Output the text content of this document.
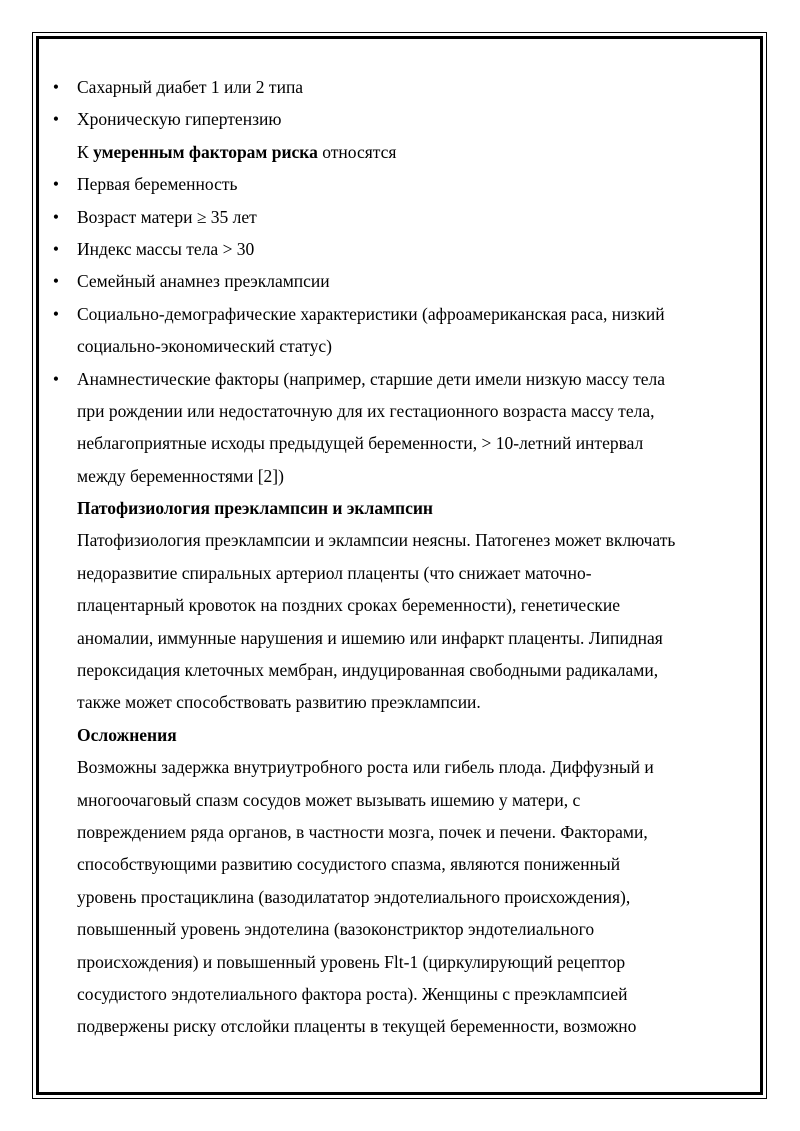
• Сахарный диабет 1 или 2 типа
• Хроническую гипертензию
К умеренным факторам риска относятся
• Первая беременность
• Возраст матери ≥ 35 лет
• Индекс массы тела > 30
• Семейный анамнез преэклампсии
• Социально-демографические характеристики (афроамериканская раса, низкий
социально-экономический статус)
• Анамнестические факторы (например, старшие дети имели низкую массу тела
при рождении или недостаточную для их гестационного возраста массу тела,
неблагоприятные исходы предыдущей беременности, > 10-летний интервал
между беременностями [2])
Патофизиология преэклампсин и эклампсин
Патофизиология преэклампсии и эклампсии неясны. Патогенез может включать
недоразвитие спиральных артериол плаценты (что снижает маточно-
плацентарный кровоток на поздних сроках беременности), генетические
аномалии, иммунные нарушения и ишемию или инфаркт плаценты. Липидная
пероксидация клеточных мембран, индуцированная свободными радикалами,
также может способствовать развитию преэклампсии.
Осложнения
Возможны задержка внутриутробного роста или гибель плода. Диффузный и
многоочаговый спазм сосудов может вызывать ишемию у матери, с
повреждением ряда органов, в частности мозга, почек и печени. Факторами,
способствующими развитию сосудистого спазма, являются пониженный
уровень простациклина (вазодилататор эндотелиального происхождения),
повышенный уровень эндотелина (вазоконстриктор эндотелиального
происхождения) и повышенный уровень Flt-1 (циркулирующий рецептор
сосудистого эндотелиального фактора роста). Женщины с преэклампсией
подвержены риску отслойки плаценты в текущей беременности, возможно
